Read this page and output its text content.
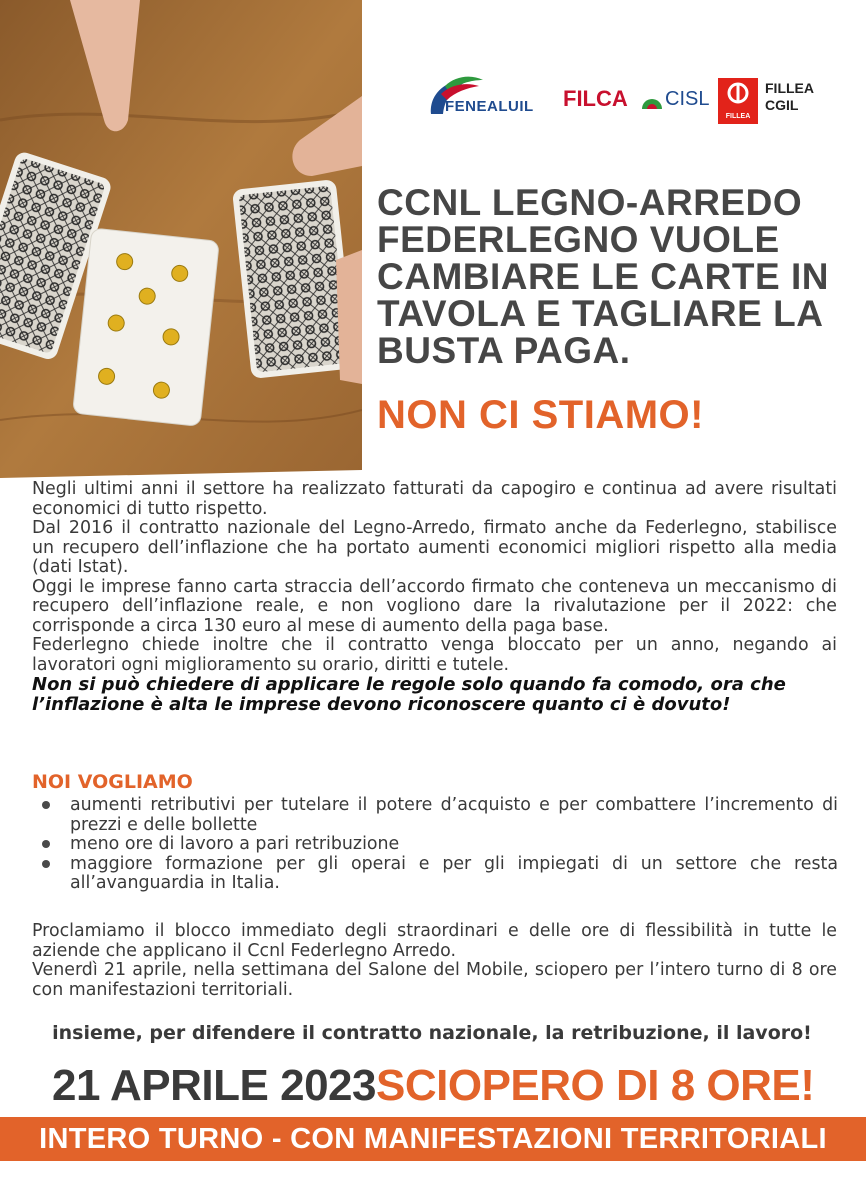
FENEALUIL FILCA CISL
FILLEA
FILLEA
CGIL
CCNL LEGNO-ARREDO
FEDERLEGNO VUOLE
CAMBIARE LE CARTE IN
TAVOLA E TAGLIARE LA
BUSTA PAGA.
NON CI STIAMO!

Negli ultimi anni il settore ha realizzato fatturati da capogiro e continua ad avere risultati economici di tutto rispetto.

Dal 2016 il contratto nazionale del Legno-Arredo, firmato anche da Federlegno, stabilisce un recupero dell’inflazione che ha portato aumenti economici migliori rispetto alla media (dati Istat).

Oggi le imprese fanno carta straccia dell’accordo firmato che conteneva un meccanismo di recupero dell’inflazione reale, e non vogliono dare la rivalutazione per il 2022: che corrisponde a circa 130 euro al mese di aumento della paga base.

Federlegno chiede inoltre che il contratto venga bloccato per un anno, negando ai lavoratori ogni miglioramento su orario, diritti e tutele.

Non si può chiedere di applicare le regole solo quando fa comodo, ora che l’inflazione è alta le imprese devono riconoscere quanto ci è dovuto!

NOI VOGLIAMO
aumenti retributivi per tutelare il potere d’acquisto e per combattere l’incremento di prezzi e delle bollette
meno ore di lavoro a pari retribuzione
maggiore formazione per gli operai e per gli impiegati di un settore che resta all’avanguardia in Italia.

Proclamiamo il blocco immediato degli straordinari e delle ore di flessibilità in tutte le aziende che applicano il Ccnl Federlegno Arredo.

Venerdì 21 aprile, nella settimana del Salone del Mobile, sciopero per l’intero turno di 8 ore con manifestazioni territoriali.

insieme, per difendere il contratto nazionale, la retribuzione, il lavoro!
21 APRILE 2023SCIOPERO DI 8 ORE!
INTERO TURNO - CON MANIFESTAZIONI TERRITORIALI
